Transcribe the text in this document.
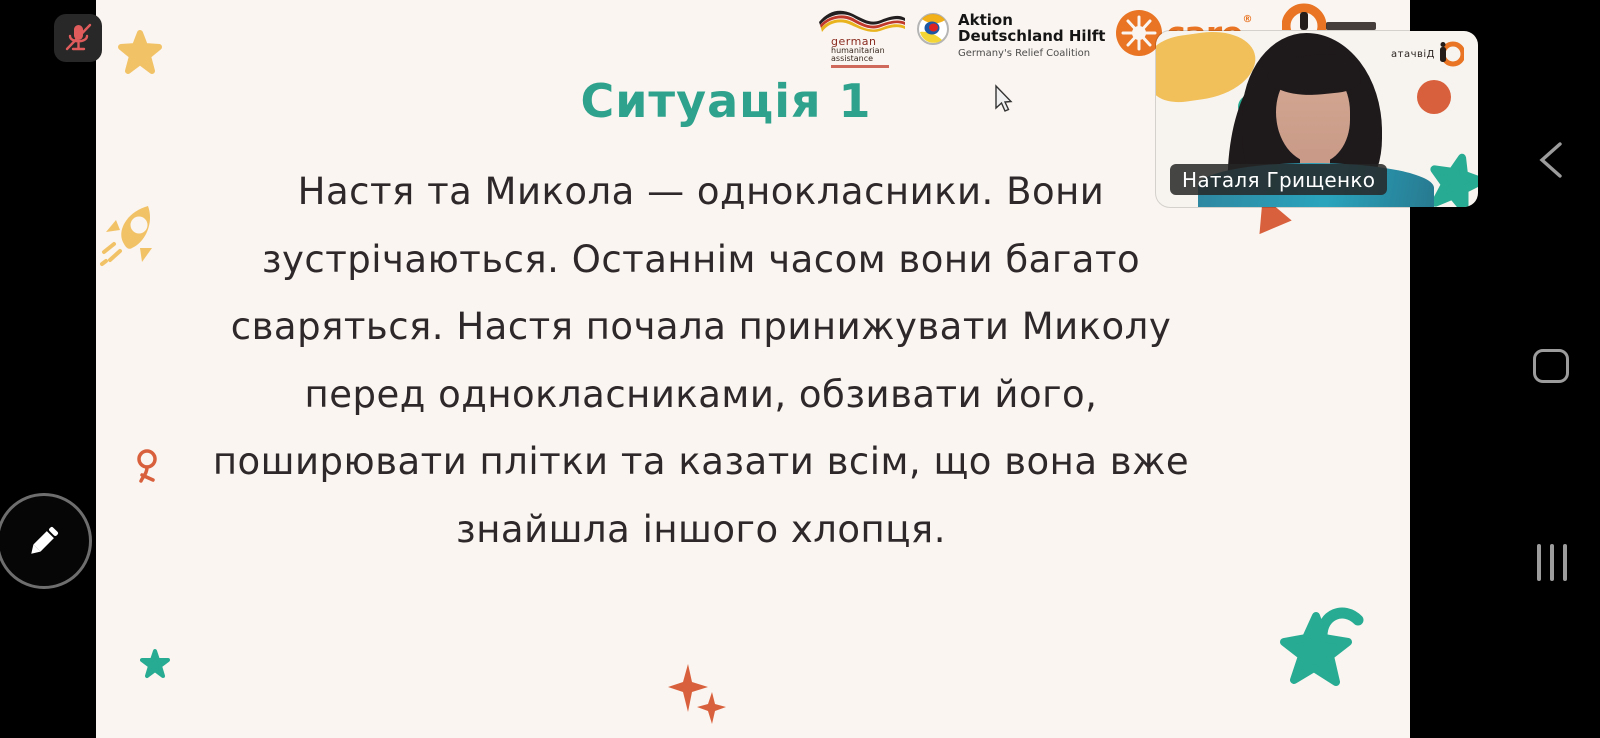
german
humanitarian
assistance
Aktion
Deutschland Hilft
Germany's Relief Coalition
®
Ситуація 1
Настя та Микола — однокласники. Вони
зустрічаються. Останнім часом вони багато
сваряться. Настя почала принижувати Миколу
перед однокласниками, обзивати його,
поширювати плітки та казати всім, що вона вже
знайшла іншого хлопця.
атачвіД
Наталя Грищенко
